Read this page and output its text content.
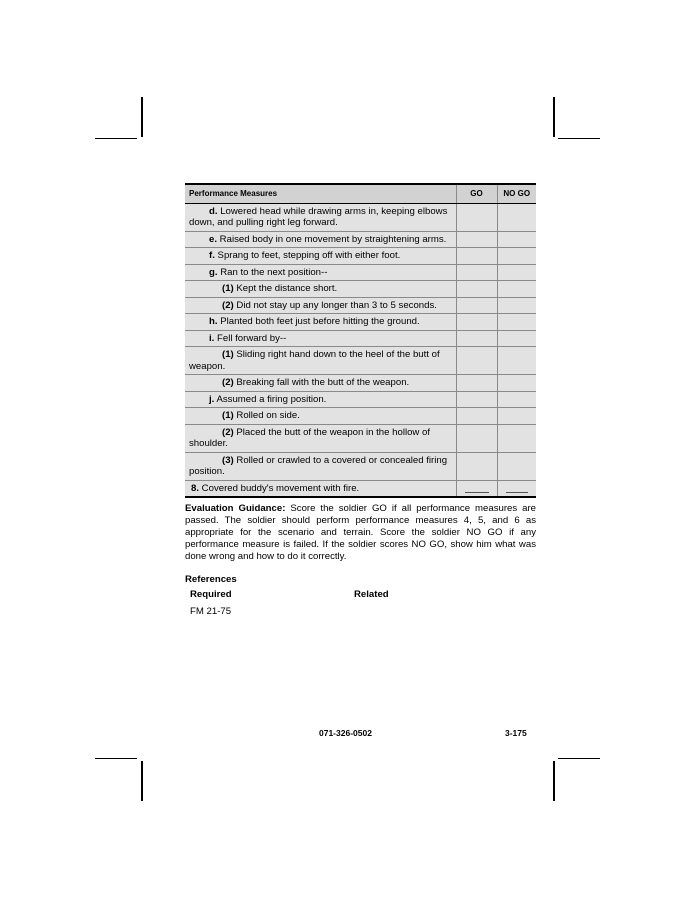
Performance Measures	GO	NO GO
d. Lowered head while drawing arms in, keeping elbows down, and pulling right leg forward.		
e. Raised body in one movement by straightening arms.		
f. Sprang to feet, stepping off with either foot.		
g. Ran to the next position--		
(1) Kept the distance short.		
(2) Did not stay up any longer than 3 to 5 seconds.		
h. Planted both feet just before hitting the ground.		
i. Fell forward by--		
(1) Sliding right hand down to the heel of the butt of weapon.		
(2) Breaking fall with the butt of the weapon.		
j. Assumed a firing position.		
(1) Rolled on side.		
(2) Placed the butt of the weapon in the hollow of shoulder.		
(3) Rolled or crawled to a covered or concealed firing position.		
8. Covered buddy's movement with fire.	

Evaluation Guidance: Score the soldier GO if all performance measures are passed. The soldier should perform performance measures 4, 5, and 6 as appropriate for the scenario and terrain. Score the soldier NO GO if any performance measure is failed. If the soldier scores NO GO, show him what was done wrong and how to do it correctly.
References
Required	Related
FM 21-75
071-326-0502	3-175
